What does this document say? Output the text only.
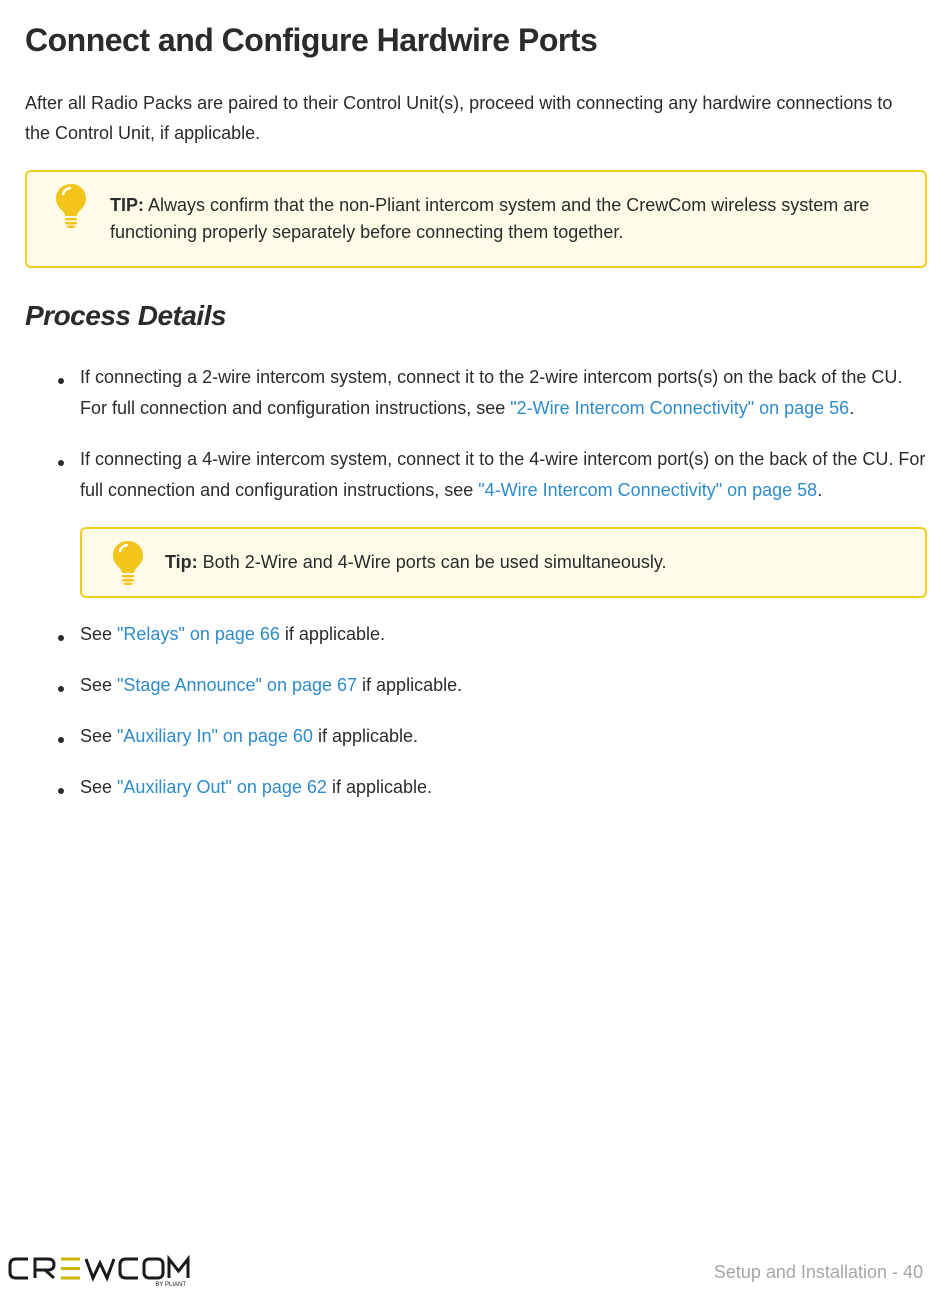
Connect and Configure Hardwire Ports

After all Radio Packs are paired to their Control Unit(s), proceed with connecting any hardwire connections to the Control Unit, if applicable.

TIP: Always confirm that the non-Pliant intercom system and the CrewCom wireless system are functioning properly separately before connecting them together.
Process Details
If connecting a 2-wire intercom system, connect it to the 2-wire intercom ports(s) on the back of the CU. For full connection and configuration instructions, see "2-Wire Intercom Connectivity" on page 56.
If connecting a 4-wire intercom system, connect it to the 4-wire intercom port(s) on the back of the CU. For full connection and configuration instructions, see "4-Wire Intercom Connectivity" on page 58.
Tip: Both 2-Wire and 4-Wire ports can be used simultaneously.
See "Relays" on page 66 if applicable.
See "Stage Announce" on page 67 if applicable.
See "Auxiliary In" on page 60 if applicable.
See "Auxiliary Out" on page 62 if applicable.
BY PLIANT
Setup and Installation - 40
